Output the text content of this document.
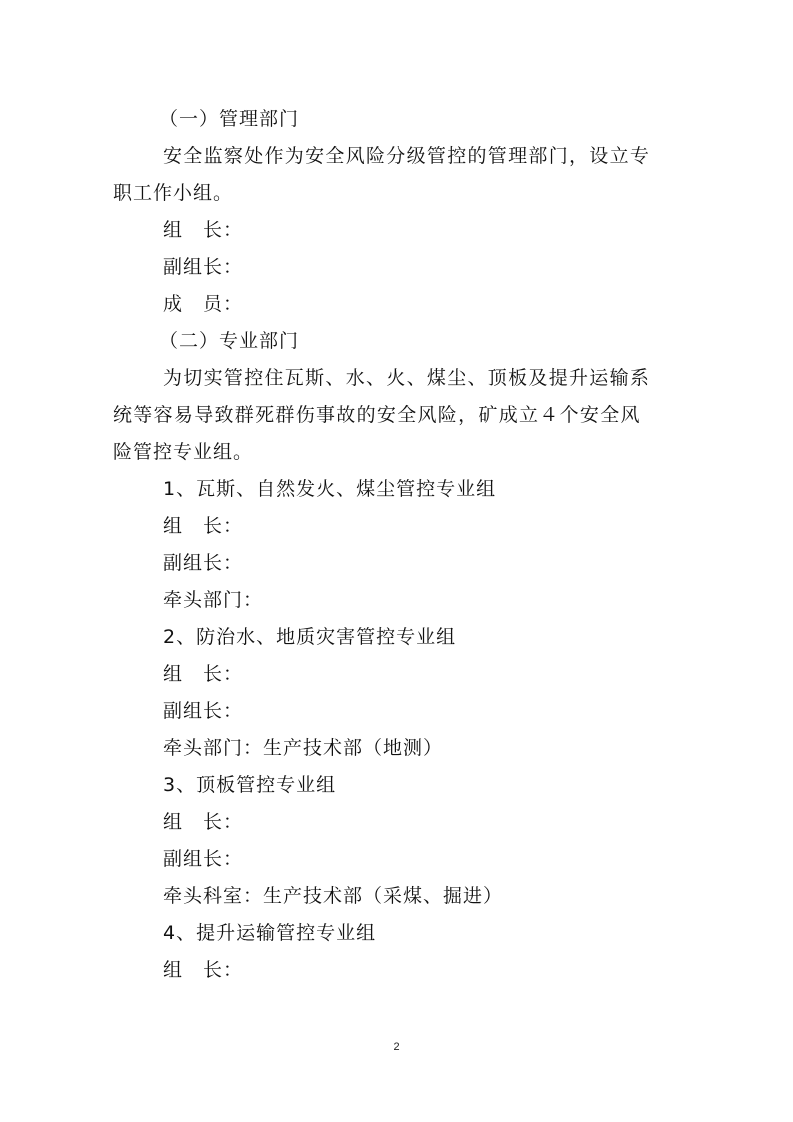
（一）管理部门
安全监察处作为安全风险分级管控的管理部门，设立专
职工作小组。
组　长：
副组长：
成　员：
（二）专业部门
为切实管控住瓦斯、水、火、煤尘、顶板及提升运输系
统等容易导致群死群伤事故的安全风险，矿成立４个安全风
险管控专业组。
1、瓦斯、自然发火、煤尘管控专业组
组　长：
副组长：
牵头部门：
2、防治水、地质灾害管控专业组
组　长：
副组长：
牵头部门：生产技术部（地测）
3、顶板管控专业组
组　长：
副组长：
牵头科室：生产技术部（采煤、掘进）
4、提升运输管控专业组
组　长：
2
